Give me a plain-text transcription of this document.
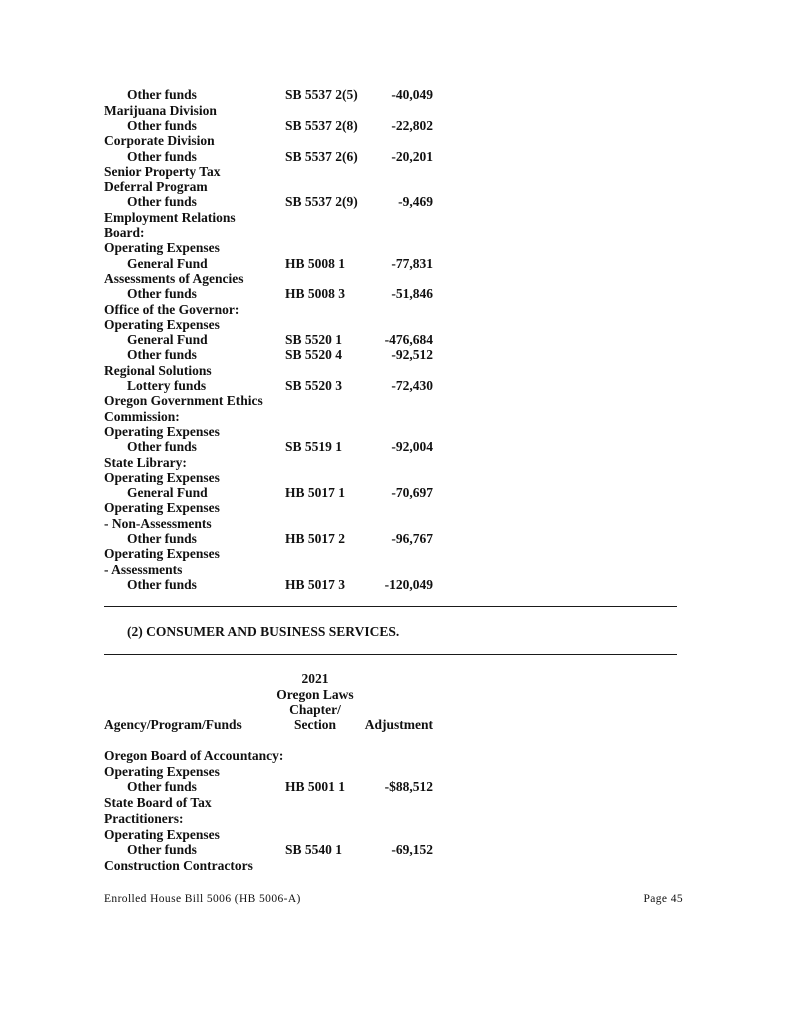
Other funds	SB 5537 2(5)	-40,049
Marijuana Division
Other funds	SB 5537 2(8)	-22,802
Corporate Division
Other funds	SB 5537 2(6)	-20,201
Senior Property Tax
Deferral Program
Other funds	SB 5537 2(9)	-9,469
Employment Relations
Board:
Operating Expenses
General Fund	HB 5008 1	-77,831
Assessments of Agencies
Other funds	HB 5008 3	-51,846
Office of the Governor:
Operating Expenses
General Fund	SB 5520 1	-476,684
Other funds	SB 5520 4	-92,512
Regional Solutions
Lottery funds	SB 5520 3	-72,430
Oregon Government Ethics
Commission:
Operating Expenses
Other funds	SB 5519 1	-92,004
State Library:
Operating Expenses
General Fund	HB 5017 1	-70,697
Operating Expenses
- Non-Assessments
Other funds	HB 5017 2	-96,767
Operating Expenses
- Assessments
Other funds	HB 5017 3	-120,049
(2) CONSUMER AND BUSINESS SERVICES.
2021
Oregon Laws
Chapter/
Agency/Program/Funds	Section	Adjustment
Oregon Board of Accountancy:
Operating Expenses
Other funds	HB 5001 1	-$88,512
State Board of Tax
Practitioners:
Operating Expenses
Other funds	SB 5540 1	-69,152
Construction Contractors
Enrolled House Bill 5006 (HB 5006-A)	Page 45
